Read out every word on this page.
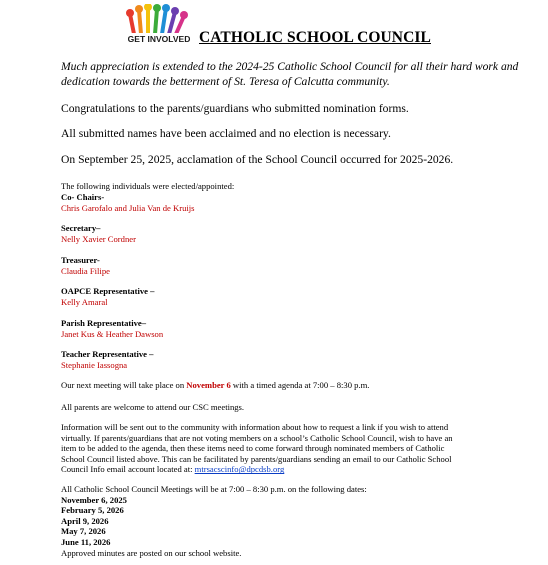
GET INVOLVED CATHOLIC SCHOOL COUNCIL
Much appreciation is extended to the 2024-25 Catholic School Council for all their hard work and dedication towards the betterment of St. Teresa of Calcutta community.
Congratulations to the parents/guardians who submitted nomination forms.
All submitted names have been acclaimed and no election is necessary.
On September 25, 2025, acclamation of the School Council occurred for 2025-2026.
The following individuals were elected/appointed:
Co- Chairs-
Chris Garofalo and Julia Van de Kruijs
Secretary–
Nelly Xavier Cordner
Treasurer-
Claudia Filipe
OAPCE Representative –
Kelly Amaral
Parish Representative–
Janet Kus & Heather Dawson
Teacher Representative –
Stephanie Iassogna
Our next meeting will take place on November 6 with a timed agenda at 7:00 – 8:30 p.m.
All parents are welcome to attend our CSC meetings.
Information will be sent out to the community with information about how to request a link if you wish to attend
virtually. If parents/guardians that are not voting members on a school’s Catholic School Council, wish to have an
item to be added to the agenda, then these items need to come forward through nominated members of Catholic
School Council listed above. This can be facilitated by parents/guardians sending an email to our Catholic School
Council Info email account located at: mtrsacscinfo@dpcdsb.org
All Catholic School Council Meetings will be at 7:00 – 8:30 p.m. on the following dates:
November 6, 2025
February 5, 2026
April 9, 2026
May 7, 2026
June 11, 2026
Approved minutes are posted on our school website.
